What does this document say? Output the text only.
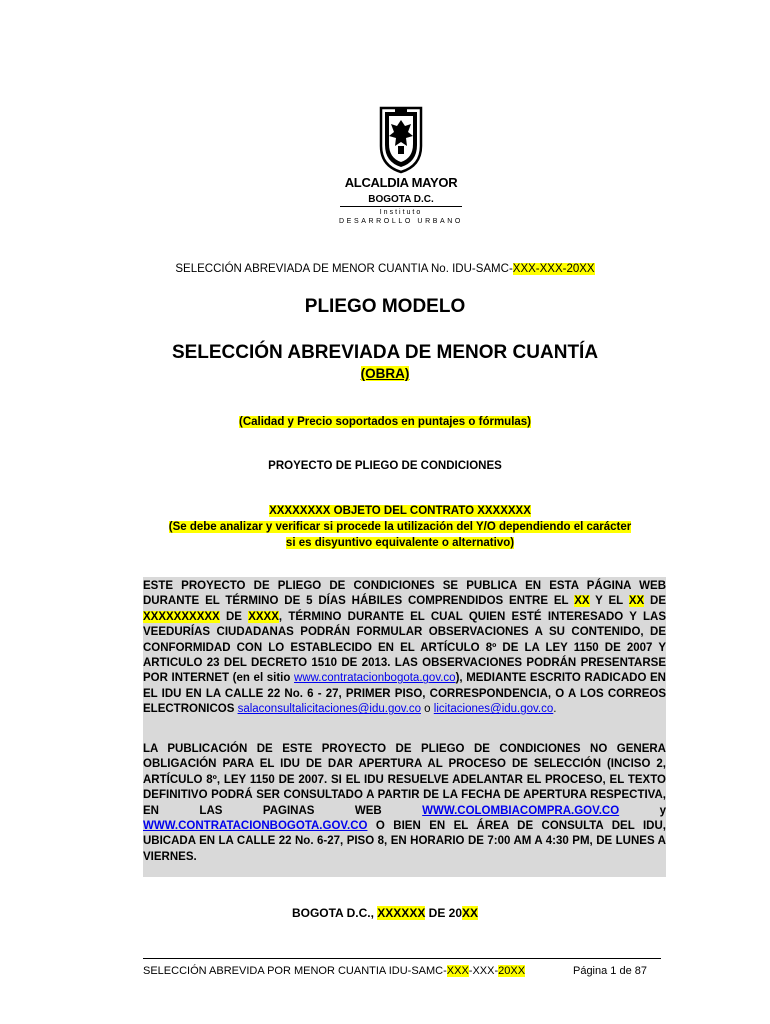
ALCALDIA MAYOR
BOGOTA D.C.
Instituto
DESARROLLO URBANO
SELECCIÓN ABREVIADA DE MENOR CUANTIA No. IDU-SAMC-XXX-XXX-20XX
PLIEGO MODELO
SELECCIÓN ABREVIADA DE MENOR CUANTÍA
(OBRA)
(Calidad y Precio soportados en puntajes o fórmulas)
PROYECTO DE PLIEGO DE CONDICIONES
XXXXXXXX OBJETO DEL CONTRATO XXXXXXX
(Se debe analizar y verificar si procede la utilización del Y/O dependiendo el carácter
si es disyuntivo equivalente o alternativo)
ESTE PROYECTO DE PLIEGO DE CONDICIONES SE PUBLICA EN ESTA PÁGINA WEB DURANTE EL TÉRMINO DE 5 DÍAS HÁBILES COMPRENDIDOS ENTRE EL XX Y EL XX DE XXXXXXXXXX DE XXXX, TÉRMINO DURANTE EL CUAL QUIEN ESTÉ INTERESADO Y LAS VEEDURÍAS CIUDADANAS PODRÁN FORMULAR OBSERVACIONES A SU CONTENIDO, DE CONFORMIDAD CON LO ESTABLECIDO EN EL ARTÍCULO 8º DE LA LEY 1150 DE 2007 Y ARTICULO 23 DEL DECRETO 1510 DE 2013. LAS OBSERVACIONES PODRÁN PRESENTARSE POR INTERNET (en el sitio www.contratacionbogota.gov.co), MEDIANTE ESCRITO RADICADO EN EL IDU EN LA CALLE 22 No. 6 - 27, PRIMER PISO, CORRESPONDENCIA, O A LOS CORREOS ELECTRONICOS salaconsultalicitaciones@idu.gov.co o licitaciones@idu.gov.co.
LA PUBLICACIÓN DE ESTE PROYECTO DE PLIEGO DE CONDICIONES NO GENERA OBLIGACIÓN PARA EL IDU DE DAR APERTURA AL PROCESO DE SELECCIÓN (INCISO 2, ARTÍCULO 8º, LEY 1150 DE 2007. SI EL IDU RESUELVE ADELANTAR EL PROCESO, EL TEXTO DEFINITIVO PODRÁ SER CONSULTADO A PARTIR DE LA FECHA DE APERTURA RESPECTIVA, EN LAS PAGINAS WEB WWW.COLOMBIACOMPRA.GOV.CO y WWW.CONTRATACIONBOGOTA.GOV.CO O BIEN EN EL ÁREA DE CONSULTA DEL IDU, UBICADA EN LA CALLE 22 No. 6-27, PISO 8, EN HORARIO DE 7:00 AM A 4:30 PM, DE LUNES A VIERNES.
BOGOTA D.C., XXXXXX DE 20XX
SELECCIÓN ABREVIDA POR MENOR CUANTIA IDU-SAMC-XXX-XXX-20XX	Página 1 de 87
